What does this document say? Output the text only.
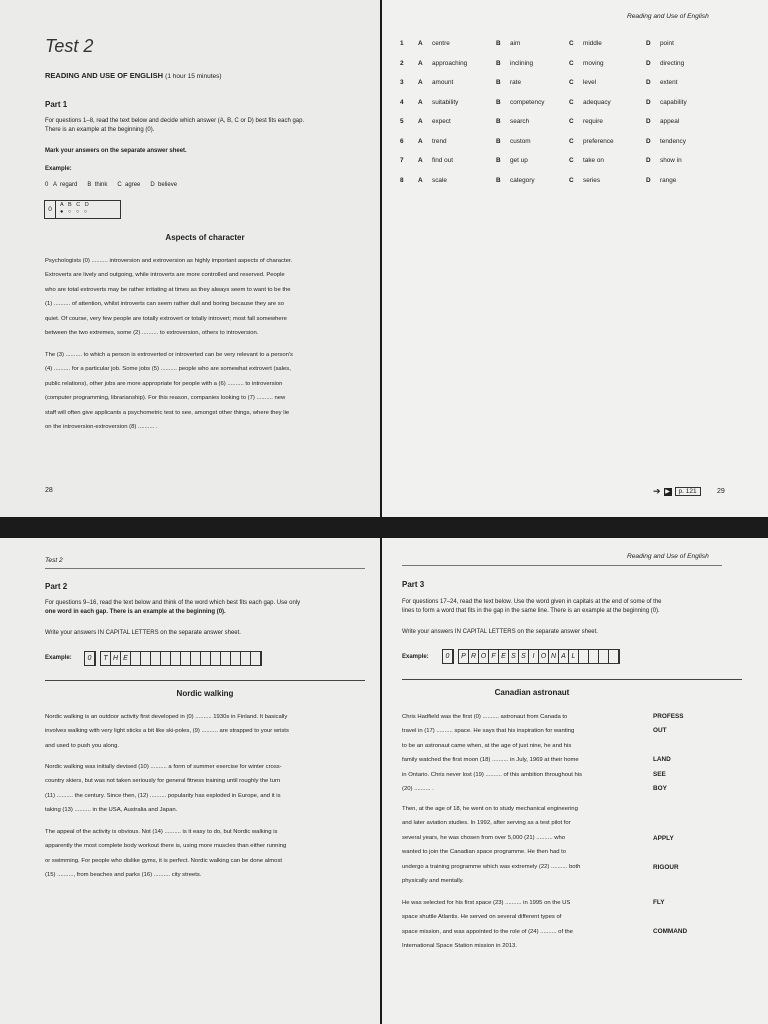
Test 2
READING AND USE OF ENGLISH (1 hour 15 minutes)
Part 1
For questions 1–8, read the text below and decide which answer (A, B, C or D) best fits each gap.
There is an example at the beginning (0).
Mark your answers on the separate answer sheet.
Example:
0   A  regard      B  think      C  agree      D  believe
0
A   B   C   D
●   ○   ○   ○
Aspects of character
Psychologists (0) .......... introversion and extroversion as highly important aspects of character.
Extroverts are lively and outgoing, while introverts are more controlled and reserved. People
who are total extroverts may be rather irritating at times as they always seem to want to be the
(1) .......... of attention, whilst introverts can seem rather dull and boring because they are so
quiet. Of course, very few people are totally extrovert or totally introvert; most fall somewhere
between the two extremes, some (2) .......... to extroversion, others to introversion.
The (3) .......... to which a person is extroverted or introverted can be very relevant to a person's
(4) .......... for a particular job. Some jobs (5) .......... people who are somewhat extrovert (sales,
public relations), other jobs are more appropriate for people with a (6) .......... to introversion
(computer programming, librarianship). For this reason, companies looking to (7) .......... new
staff will often give applicants a psychometric test to see, amongst other things, where they lie
on the introversion-extroversion (8) .......... .
28
Reading and Use of English
1 A centre	B aim	C middle	D point
2 A approaching	B inclining	C moving	D directing
3 A amount	B rate	C level	D extent
4 A suitability	B competency	C adequacy	D capability
5 A expect	B search	C require	D appeal
6 A trend	B custom	C preference	D tendency
7 A find out	B get up	C take on	D show in
8 A scale	B category	C series	D range
➔ ▶	p. 121	29
Test 2
Part 2
For questions 9–16, read the text below and think of the word which best fits each gap. Use only
one word in each gap. There is an example at the beginning (0).
Write your answers IN CAPITAL LETTERS on the separate answer sheet.
Example:	0	T H E
Nordic walking
Nordic walking is an outdoor activity first developed in (0) .......... 1930s in Finland. It basically
involves walking with very light sticks a bit like ski-poles, (9) .......... are strapped to your wrists
and used to push you along.
Nordic walking was initially devised (10) .......... a form of summer exercise for winter cross-
country skiers, but was not taken seriously for general fitness training until roughly the turn
(11) .......... the century. Since then, (12) .......... popularity has exploded in Europe, and it is
taking (13) .......... in the USA, Australia and Japan.
The appeal of the activity is obvious. Not (14) .......... is it easy to do, but Nordic walking is
apparently the most complete body workout there is, using more muscles than either running
or swimming. For people who dislike gyms, it is perfect. Nordic walking can be done almost
(15) .........., from beaches and parks (16) .......... city streets.
Reading and Use of English
Part 3
For questions 17–24, read the text below. Use the word given in capitals at the end of some of the
lines to form a word that fits in the gap in the same line. There is an example at the beginning (0).
Write your answers IN CAPITAL LETTERS on the separate answer sheet.
Example:	0	P R O F E S S I O N A L
Canadian astronaut
Chris Hadfield was the first (0) .......... astronaut from Canada to
travel in (17) .......... space. He says that his inspiration for wanting
to be an astronaut came when, at the age of just nine, he and his
family watched the first moon (18) .......... in July, 1969 at their home
in Ontario. Chris never lost (19) .......... of this ambition throughout his
(20) .......... .
Then, at the age of 18, he went on to study mechanical engineering
and later aviation studies. In 1992, after serving as a test pilot for
several years, he was chosen from over 5,000 (21) .......... who
wanted to join the Canadian space programme. He then had to
undergo a training programme which was extremely (22) .......... both
physically and mentally.
He was selected for his first space (23) .......... in 1995 on the US
space shuttle Atlantis. He served on several different types of
space mission, and was appointed to the role of (24) .......... of the
International Space Station mission in 2013.
PROFESS
OUT
LAND
SEE
BOY
APPLY
RIGOUR
FLY
COMMAND
